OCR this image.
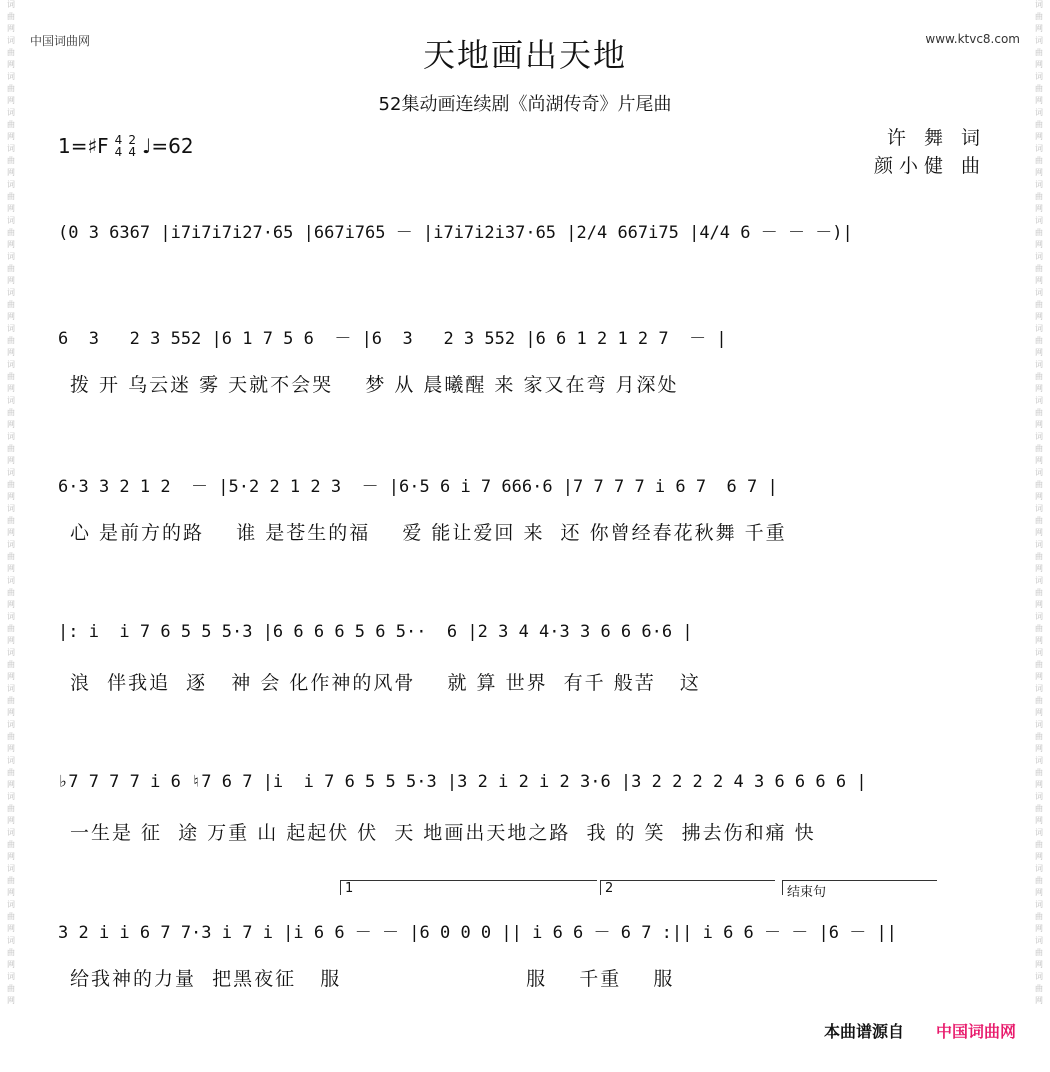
词
曲
网
词
曲
网
词
曲
网
词
曲
网
词
曲
网
词
曲
网
词
曲
网
词
曲
网
词
曲
网
词
曲
网
词
曲
网
词
曲
网
词
曲
网
词
曲
网
词
曲
网
词
曲
网
词
曲
网
词
曲
网
词
曲
网
词
曲
网
词
曲
网
词
曲
网
词
曲
网
词
曲
网
词
曲
网
词
曲
网
词
曲
网
词
曲
网
词
曲
网
词
曲
网
词
曲
网
词
曲
网
词
曲
网
词
曲
网
词
曲
网
词
曲
网
词
曲
网
词
曲
网
词
曲
网
词
曲
网
词
曲
网
词
曲
网
词
曲
网
词
曲
网
词
曲
网
词
曲
网
词
曲
网
词
曲
网
词
曲
网
词
曲
网
词
曲
网
词
曲
网
词
曲
网
词
曲
网
词
曲
网
词
曲
网
中国词曲网	www.ktvc8.com
天地画出天地
52集动画连续剧《尚湖传奇》片尾曲
1=♯F 4
4
2
4 ♩=62	许 舞 词
颜小健 曲
(0 3 6367 |i7i7i7i27·65 |667i765 － |i7i7i2i37·65 |2/4 667i75 |4/4 6 － － －)|
6  3   2 3 552 |6 1 7 5 6  － |6  3   2 3 552 |6 6 1 2 1 2 7  － |
拨 开 乌云迷 雾 天就不会哭    梦 从 晨曦醒 来 家又在弯 月深处
6·3 3 2 1 2  － |5·2 2 1 2 3  － |6·5 6 i 7 666·6 |7 7 7 7 i 6 7  6 7 |
心 是前方的路    谁 是苍生的福    爱 能让爱回 来  还 你曾经春花秋舞 千重
|: i  i 7 6 5 5 5·3 |6 6 6 6 5 6 5··  6 |2 3 4 4·3 3 6 6 6·6 |
浪  伴我追  逐   神 会 化作神的风骨    就 算 世界  有千 般苦   这
♭7 7 7 7 i 6 ♮7 6 7 |i  i 7 6 5 5 5·3 |3 2 i 2 i 2 3·6 |3 2 2 2 2 4 3 6 6 6 6 |
一生是 征  途 万重 山 起起伏 伏  天 地画出天地之路  我 的 笑  拂去伤和痛 快
1	2	结束句
3 2 i i 6 7 7·3 i 7 i |i 6 6 － － |6 0 0 0 || i 6 6 － 6 7 :|| i 6 6 － － |6 － ||
给我神的力量  把黑夜征   服                       服    千重    服
本曲谱源自 中国词曲网
